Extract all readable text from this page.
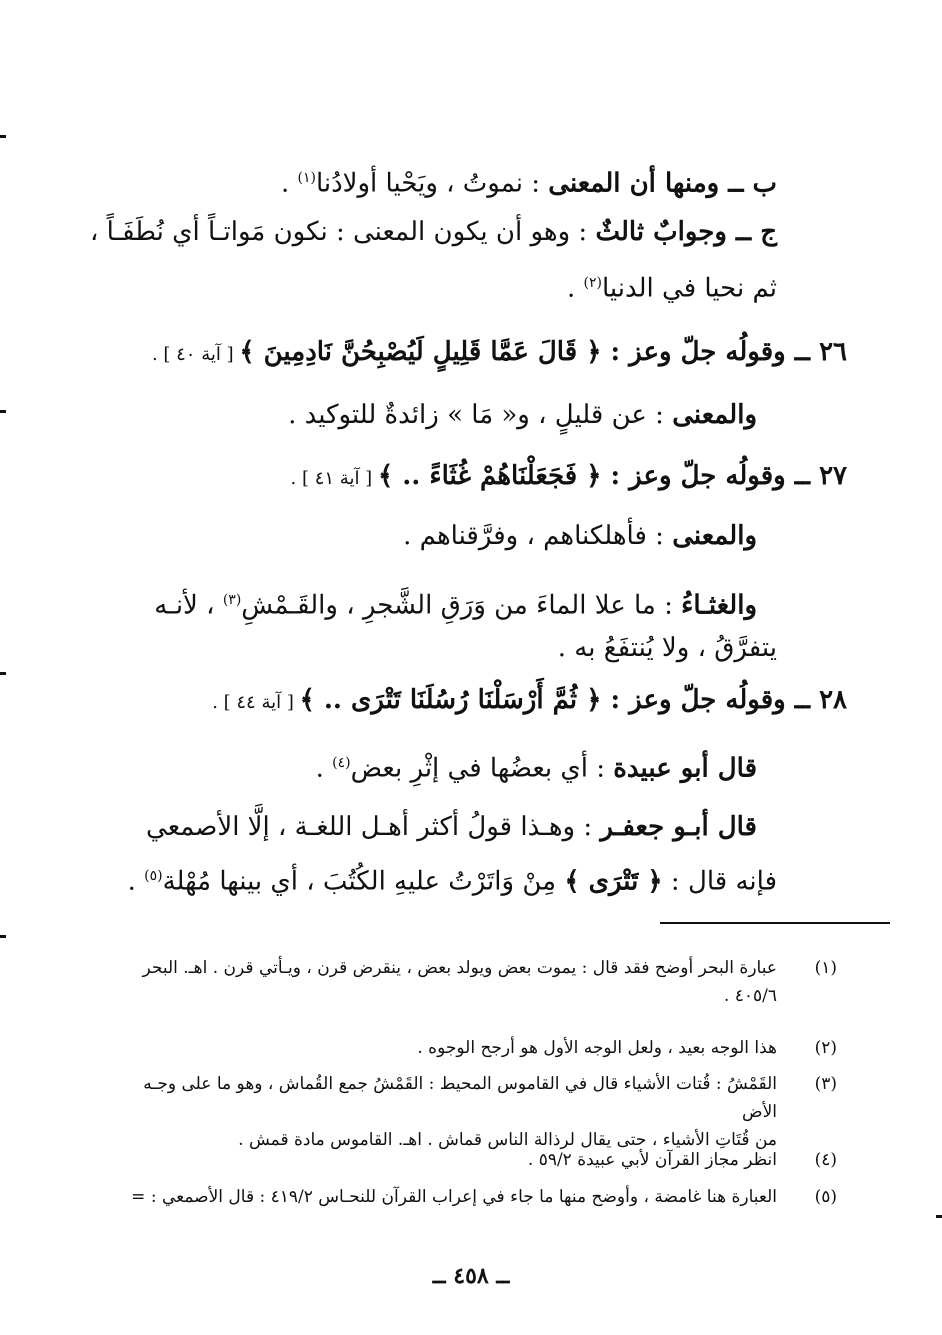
ب ــ ومنها أن المعنى : نموتُ ، ويَحْيا أولادُنا$^{(١)}$ .
ج ــ وجوابٌ ثالثٌ : وهو أن يكون المعنى : نكون مَواتـاً أي نُطَفَـاً ،
ثم نحيا في الدنيا$^{(٢)}$ .
٢٦ ــ وقولُه جلّ وعز : ﴿ قَالَ عَمَّا قَلِيلٍ لَيُصْبِحُنَّ نَادِمِينَ ﴾ [ آية ٤٠ ] .
والمعنى : عن قليلٍ ، و« مَا » زائدةٌ للتوكيد .
٢٧ ــ وقولُه جلّ وعز : ﴿ فَجَعَلْنَاهُمْ غُثَاءً .. ﴾ [ آية ٤١ ] .
والمعنى : فأهلكناهم ، وفرَّقناهم .
والغثـاءُ : ما علا الماءَ من وَرَقِ الشَّجرِ ، والقَـمْشِ$^{(٣)}$ ، لأنـه
يتفرَّقُ ، ولا يُنتفَعُ به .
٢٨ ــ وقولُه جلّ وعز : ﴿ ثُمَّ أَرْسَلْنَا رُسُلَنَا تَتْرَى .. ﴾ [ آية ٤٤ ] .
قال أبو عبيدة : أي بعضُها في إثْرِ بعض$^{(٤)}$ .
قال أبـو جعفـر : وهـذا قولُ أكثر أهـل اللغـة ، إلَّا الأصمعي
فإنه قال : ﴿ تَتْرَى ﴾ مِنْ وَاتَرْتُ عليهِ الكُتُبَ ، أي بينها مُهْلة$^{(٥)}$ .
(١)
عبارة البحر أوضح فقد قال : يموت بعض ويولد بعض ، ينقرض قرن ، ويـأتي قرن . اهـ. البحر
٤٠٥/٦ .
(٢)
هذا الوجه بعيد ، ولعل الوجه الأول هو أرجح الوجوه .
(٣)
القَمْشُ : قُتات الأشياء قال في القاموس المحيط : القَمْشُ جمع القُماش ، وهو ما على وجـه الأض
من قُتَاتِ الأشياء ، حتى يقال لرذالة الناس قماش . اهـ. القاموس مادة قمش .
(٤)
انظر مجاز القرآن لأبي عبيدة ٥٩/٢ .
(٥)
العبارة هنا غامضة ، وأوضح منها ما جاء في إعراب القرآن للنحـاس ٤١٩/٢ : قال الأصمعي : =
ــ ٤٥٨ ــ
